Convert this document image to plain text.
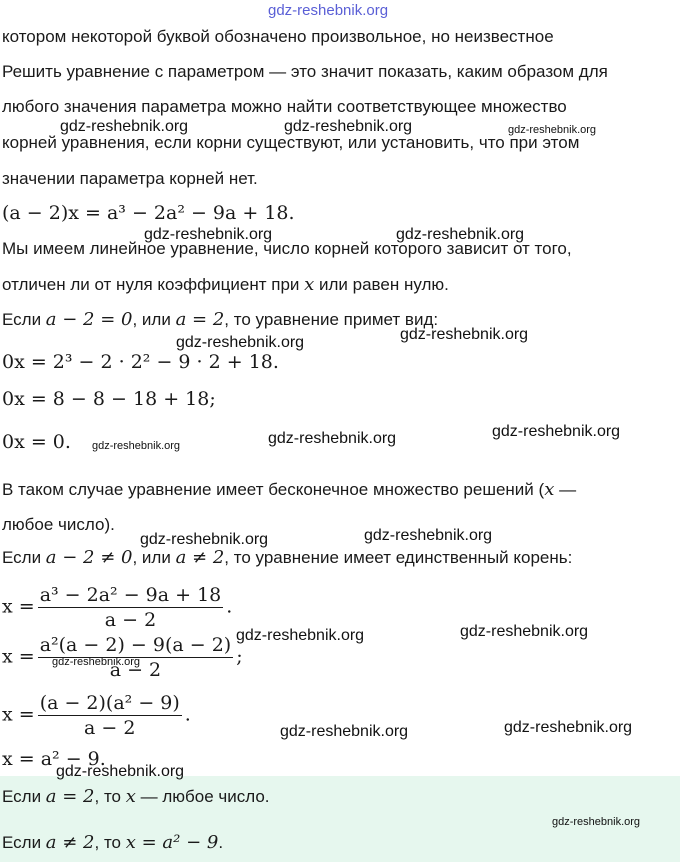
gdz-reshebnik.org
gdz-reshebnik.org	gdz-reshebnik.org	gdz-reshebnik.org
gdz-reshebnik.org	gdz-reshebnik.org
gdz-reshebnik.org	gdz-reshebnik.org
gdz-reshebnik.org	gdz-reshebnik.org	gdz-reshebnik.org
gdz-reshebnik.org	gdz-reshebnik.org
gdz-reshebnik.org	gdz-reshebnik.org
gdz-reshebnik.org
gdz-reshebnik.org	gdz-reshebnik.org
gdz-reshebnik.org
gdz-reshebnik.org
котором некоторой буквой обозначено произвольное, но неизвестное
Решить уравнение с параметром — это значит показать, каким образом для
любого значения параметра можно найти соответствующее множество
корней уравнения, если корни существуют, или установить, что при этом
значении параметра корней нет.
(a − 2)x = a³ − 2a² − 9a + 18.
Мы имеем линейное уравнение, число корней которого зависит от того,
отличен ли от нуля коэффициент при x или равен нулю.
Если a − 2 = 0, или a = 2, то уравнение примет вид:
0x = 2³ − 2 · 2² − 9 · 2 + 18.
0x = 8 − 8 − 18 + 18;
0x = 0.
В таком случае уравнение имеет бесконечное множество решений (x —
любое число).
Если a − 2 ≠ 0, или a ≠ 2, то уравнение имеет единственный корень:
$x = \frac{\text{a³ − 2a² − 9a + 18}}{a - 2}$ .
$x = \frac{\text{a²(a − 2) − 9(a − 2)}}{a - 2}$ ;
$x = \frac{\text{(a − 2)(a² − 9)}}{a - 2}$ .
x = a² − 9.
Если a = 2, то x — любое число.
Если a ≠ 2, то x = a² − 9.
